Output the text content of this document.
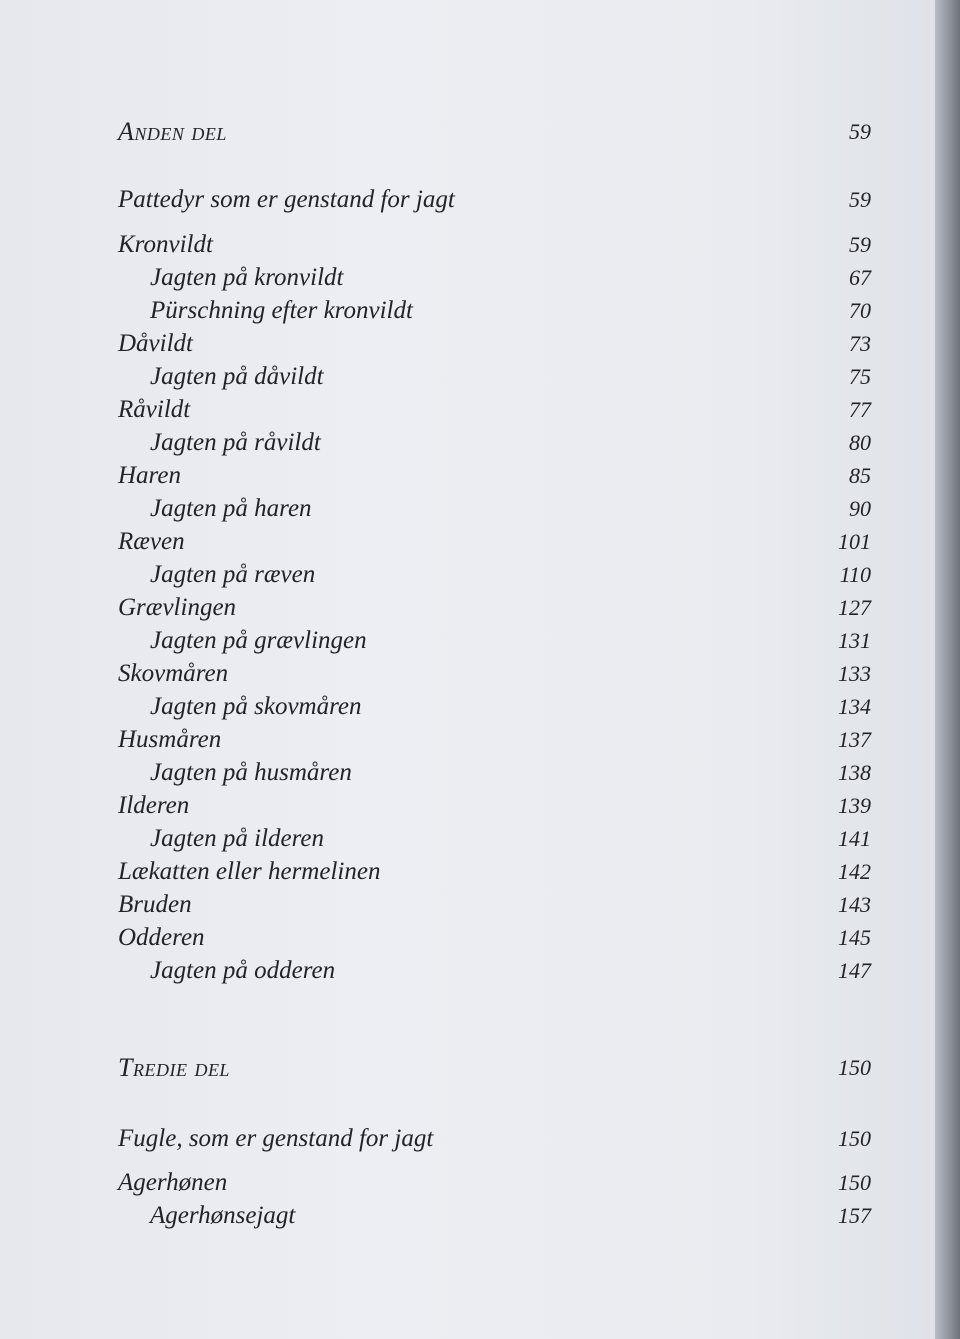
Anden del	59
Pattedyr som er genstand for jagt	59
Kronvildt	59
Jagten på kronvildt	67
Pürschning efter kronvildt	70
Dåvildt	73
Jagten på dåvildt	75
Råvildt	77
Jagten på råvildt	80
Haren	85
Jagten på haren	90
Ræven	101
Jagten på ræven	110
Grævlingen	127
Jagten på grævlingen	131
Skovmåren	133
Jagten på skovmåren	134
Husmåren	137
Jagten på husmåren	138
Ilderen	139
Jagten på ilderen	141
Lækatten eller hermelinen	142
Bruden	143
Odderen	145
Jagten på odderen	147
Tredie del	150
Fugle, som er genstand for jagt	150
Agerhønen	150
Agerhønsejagt	157
